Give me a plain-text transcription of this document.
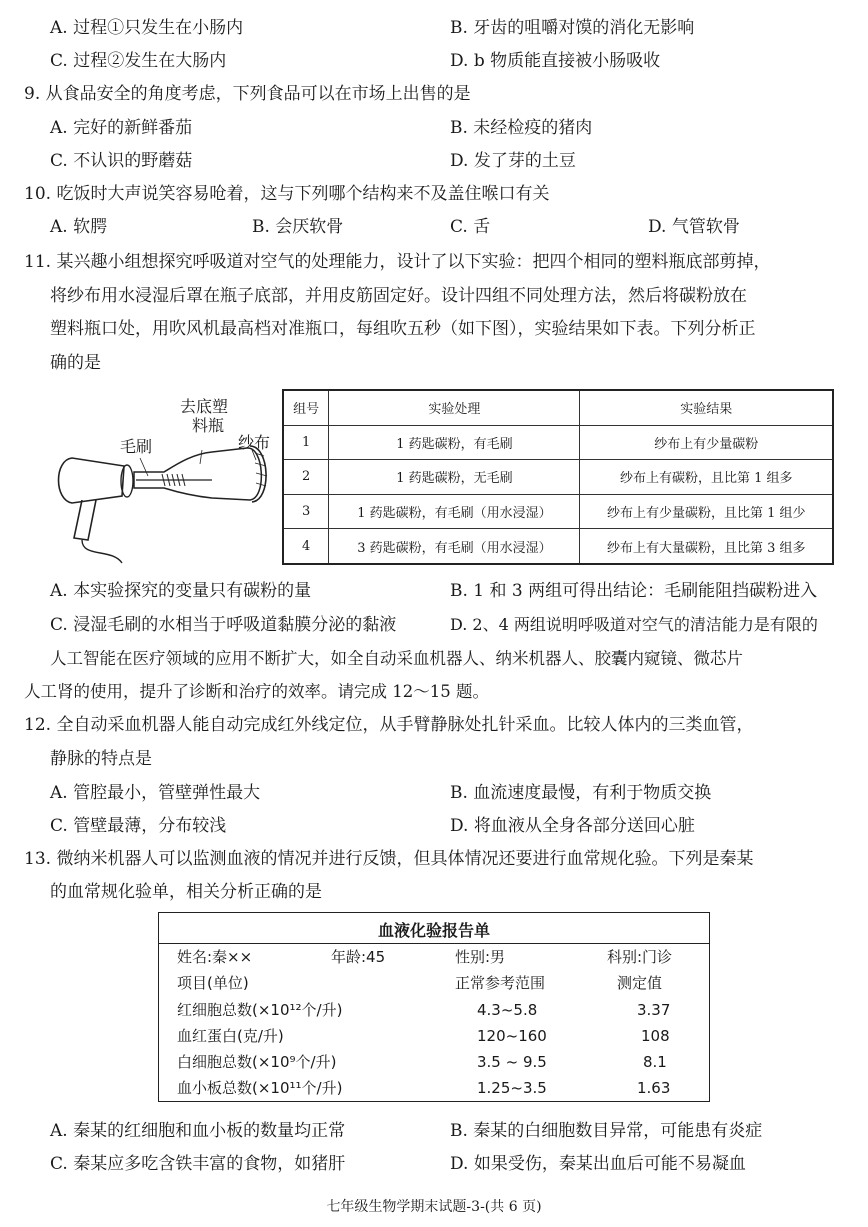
A. 过程①只发生在小肠内	B. 牙齿的咀嚼对馍的消化无影响
C. 过程②发生在大肠内	D. b 物质能直接被小肠吸收
9. 从食品安全的角度考虑，下列食品可以在市场上出售的是
A. 完好的新鲜番茄	B. 未经检疫的猪肉
C. 不认识的野蘑菇	D. 发了芽的土豆
10. 吃饭时大声说笑容易呛着，这与下列哪个结构来不及盖住喉口有关
A. 软腭	B. 会厌软骨	C. 舌	D. 气管软骨
11. 某兴趣小组想探究呼吸道对空气的处理能力，设计了以下实验：把四个相同的塑料瓶底部剪掉，
将纱布用水浸湿后罩在瓶子底部，并用皮筋固定好。设计四组不同处理方法，然后将碳粉放在
塑料瓶口处，用吹风机最高档对准瓶口，每组吹五秒（如下图），实验结果如下表。下列分析正
确的是
去底塑
料瓶
毛刷	纱布
组号	实验处理	实验结果
1	1 药匙碳粉，有毛刷	纱布上有少量碳粉
2	1 药匙碳粉，无毛刷	纱布上有碳粉，且比第 1 组多
3	1 药匙碳粉，有毛刷（用水浸湿）	纱布上有少量碳粉，且比第 1 组少
4	3 药匙碳粉，有毛刷（用水浸湿）	纱布上有大量碳粉，且比第 3 组多
A. 本实验探究的变量只有碳粉的量	B. 1 和 3 两组可得出结论：毛刷能阻挡碳粉进入
C. 浸湿毛刷的水相当于呼吸道黏膜分泌的黏液	D. 2、4 两组说明呼吸道对空气的清洁能力是有限的
人工智能在医疗领域的应用不断扩大，如全自动采血机器人、纳米机器人、胶囊内窥镜、微芯片
人工肾的使用，提升了诊断和治疗的效率。请完成 12～15 题。
12. 全自动采血机器人能自动完成红外线定位，从手臂静脉处扎针采血。比较人体内的三类血管，
静脉的特点是
A. 管腔最小，管壁弹性最大	B. 血流速度最慢，有利于物质交换
C. 管壁最薄，分布较浅	D. 将血液从全身各部分送回心脏
13. 微纳米机器人可以监测血液的情况并进行反馈，但具体情况还要进行血常规化验。下列是秦某
的血常规化验单，相关分析正确的是
血液化验报告单
姓名:秦××	年龄:45	性别:男	科别:门诊
项目(单位)	正常参考范围	测定值
红细胞总数(×10¹²个/升)	4.3~5.8	3.37
血红蛋白(克/升)	120~160	108
白细胞总数(×10⁹个/升)	3.5 ~ 9.5	8.1
血小板总数(×10¹¹个/升)	1.25~3.5	1.63
A. 秦某的红细胞和血小板的数量均正常	B. 秦某的白细胞数目异常，可能患有炎症
C. 秦某应多吃含铁丰富的食物，如猪肝	D. 如果受伤，秦某出血后可能不易凝血
七年级生物学期末试题-3-(共 6 页)
